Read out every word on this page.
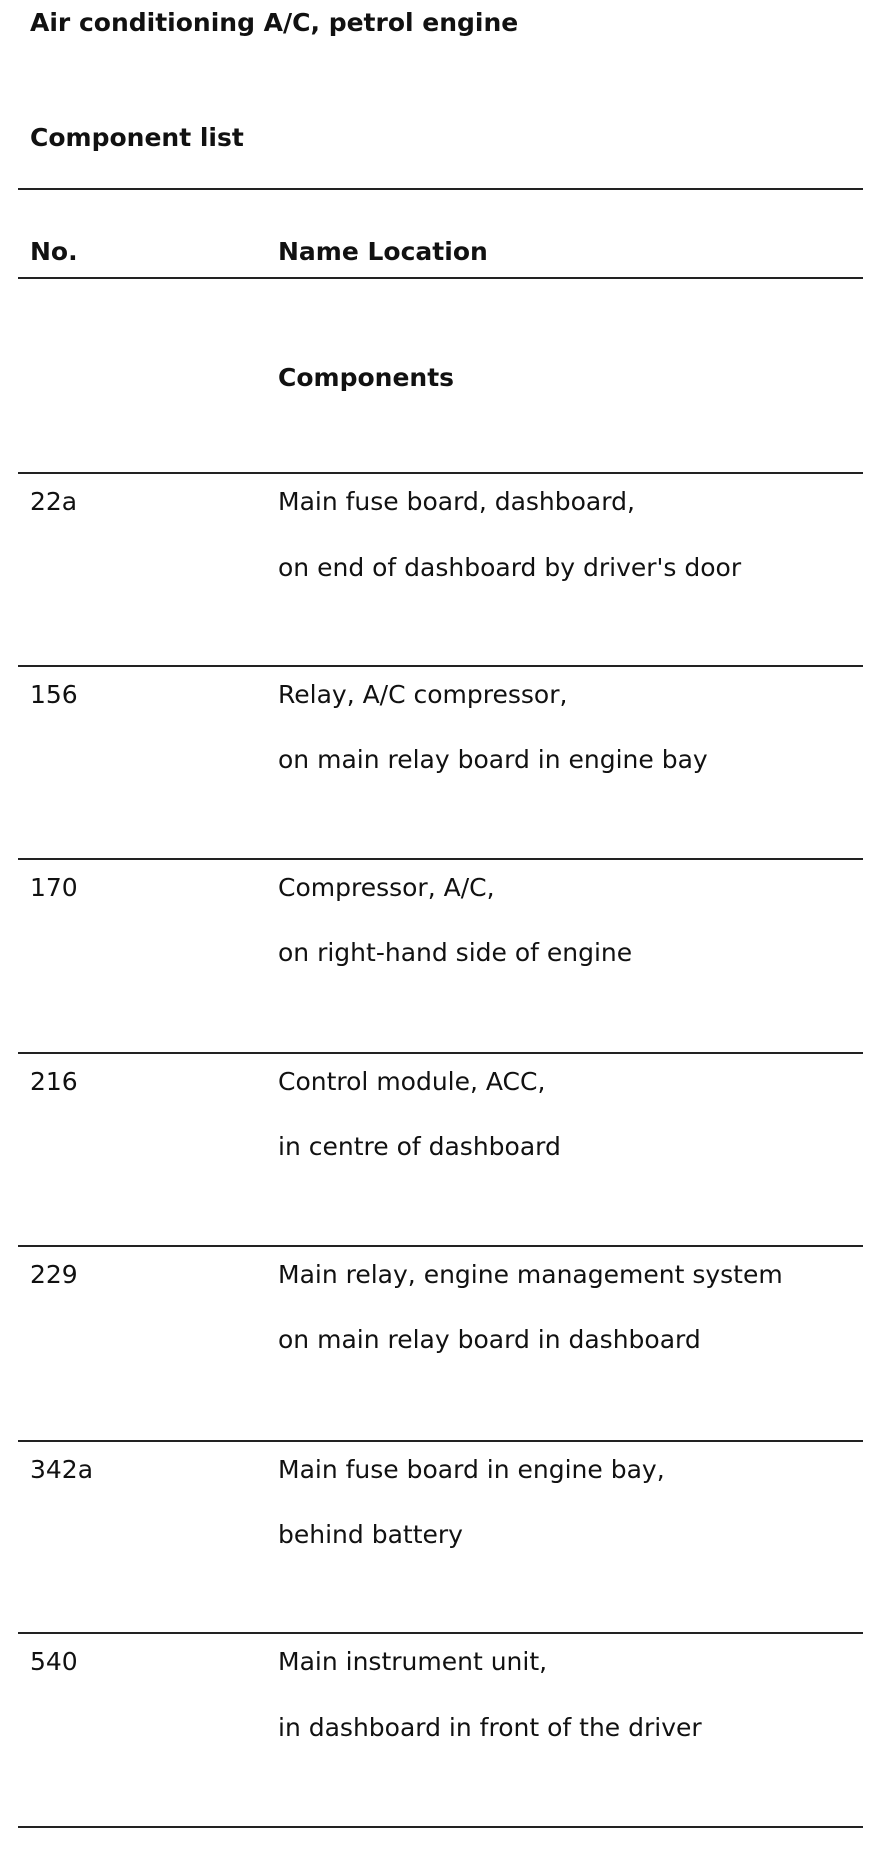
Air conditioning A/C, petrol engine
Component list
No.	Name Location
Components
22a	Main fuse board, dashboard,
on end of dashboard by driver's door
156	Relay, A/C compressor,
on main relay board in engine bay
170	Compressor, A/C,
on right-hand side of engine
216	Control module, ACC,
in centre of dashboard
229	Main relay, engine management system
on main relay board in dashboard
342a	Main fuse board in engine bay,
behind battery
540	Main instrument unit,
in dashboard in front of the driver
